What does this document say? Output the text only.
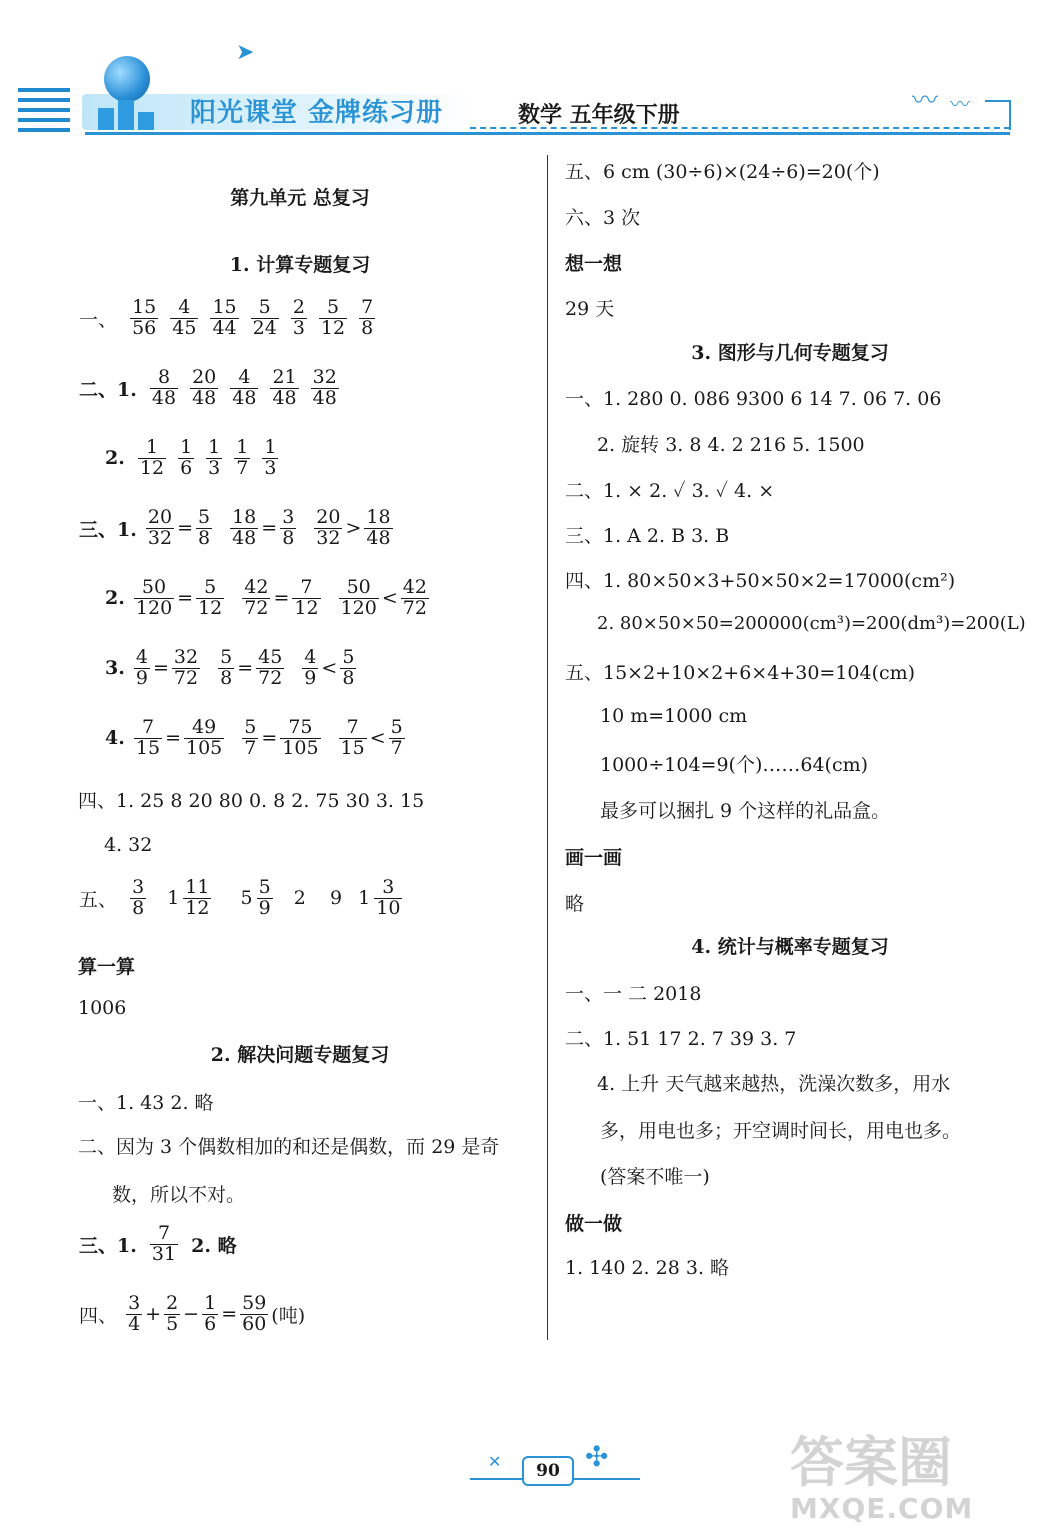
阳光课堂 金牌练习册	数学 五年级下册	〰 〰
➤
第九单元 总复习
1. 计算专题复习
一、 $\frac{15}{56} \frac{4}{45} \frac{15}{44} \frac{5}{24} \frac{2}{3} \frac{5}{12} \frac{7}{8}$
二、1. $\frac{8}{48} \frac{20}{48} \frac{4}{48} \frac{21}{48} \frac{32}{48}$
2. $\frac{1}{12} \frac{1}{6} \frac{1}{3} \frac{1}{7} \frac{1}{3}$
三、1. $\frac{20}{32} = \frac{5}{8} \frac{18}{48} = \frac{3}{8} \frac{20}{32} > \frac{18}{48}$
2. $\frac{50}{120} = \frac{5}{12} \frac{42}{72} = \frac{7}{12} \frac{50}{120} < \frac{42}{72}$
3. $\frac{4}{9} = \frac{32}{72} \frac{5}{8} = \frac{45}{72} \frac{4}{9} < \frac{5}{8}$
4. $\frac{7}{15} = \frac{49}{105} \frac{5}{7} = \frac{75}{105} \frac{7}{15} < \frac{5}{7}$
四、1. 25 8 20 80 0. 8 2. 75 30 3. 15
4. 32
五、 $\frac{3}{8} 1 \frac{11}{12} 5 \frac{5}{9} 2$    9 $1 \frac{3}{10}$
算一算
1006
2. 解决问题专题复习
一、1. 43 2. 略
二、因为 3 个偶数相加的和还是偶数，而 29 是奇
数，所以不对。
三、1. $\frac{7}{31} 2$. 略
四、 $\frac{3}{4} + \frac{2}{5} - \frac{1}{6} = \frac{59}{60}$ (吨)
五、6 cm (30÷6)×(24÷6)=20(个)
六、3 次
想一想
29 天
3. 图形与几何专题复习
一、1. 280 0. 086 9300 6 14 7. 06 7. 06
2. 旋转 3. 8 4. 2 216 5. 1500
二、1. × 2. ✓ 3. ✓ 4. ×
三、1. A 2. B 3. B
四、1. 80×50×3+50×50×2=17000(cm²)
2. 80×50×50=200000(cm³)=200(dm³)=200(L)
五、15×2+10×2+6×4+30=104(cm)
10 m=1000 cm
1000÷104=9(个)……64(cm)
最多可以捆扎 9 个这样的礼品盒。
画一画
略
4. 统计与概率专题复习
一、一 二 2018
二、1. 51 17 2. 7 39 3. 7
4. 上升 天气越来越热，洗澡次数多，用水
多，用电也多；开空调时间长，用电也多。
(答案不唯一)
做一做
1. 140 2. 28 3. 略
90 ✣
✕	答案圈
MXQE.COM
